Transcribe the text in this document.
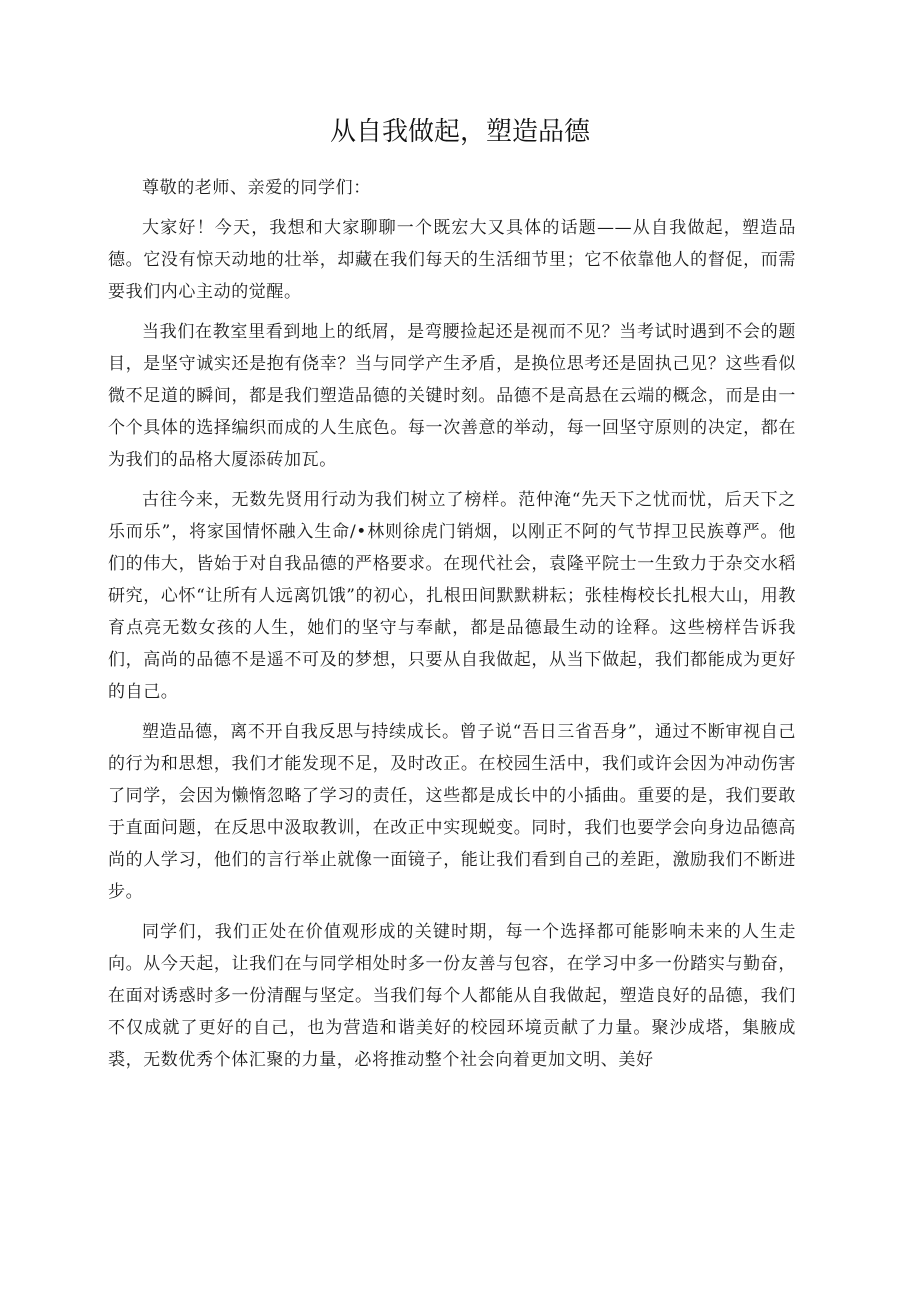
从自我做起，塑造品德

尊敬的老师、亲爱的同学们：

大家好！今天，我想和大家聊聊一个既宏大又具体的话题——从自我做起，塑造品德。它没有惊天动地的壮举，却藏在我们每天的生活细节里；它不依靠他人的督促，而需要我们内心主动的觉醒。

当我们在教室里看到地上的纸屑，是弯腰捡起还是视而不见？当考试时遇到不会的题目，是坚守诚实还是抱有侥幸？当与同学产生矛盾，是换位思考还是固执己见？这些看似微不足道的瞬间，都是我们塑造品德的关键时刻。品德不是高悬在云端的概念，而是由一个个具体的选择编织而成的人生底色。每一次善意的举动，每一回坚守原则的决定，都在为我们的品格大厦添砖加瓦。

古往今来，无数先贤用行动为我们树立了榜样。范仲淹“先天下之忧而忧，后天下之乐而乐”，将家国情怀融入生命/•林则徐虎门销烟，以刚正不阿的气节捍卫民族尊严。他们的伟大，皆始于对自我品德的严格要求。在现代社会，袁隆平院士一生致力于杂交水稻研究，心怀“让所有人远离饥饿”的初心，扎根田间默默耕耘；张桂梅校长扎根大山，用教育点亮无数女孩的人生，她们的坚守与奉献，都是品德最生动的诠释。这些榜样告诉我们，高尚的品德不是遥不可及的梦想，只要从自我做起，从当下做起，我们都能成为更好的自己。

塑造品德，离不开自我反思与持续成长。曾子说“吾日三省吾身”，通过不断审视自己的行为和思想，我们才能发现不足，及时改正。在校园生活中，我们或许会因为冲动伤害了同学，会因为懒惰忽略了学习的责任，这些都是成长中的小插曲。重要的是，我们要敢于直面问题，在反思中汲取教训，在改正中实现蜕变。同时，我们也要学会向身边品德高尚的人学习，他们的言行举止就像一面镜子，能让我们看到自己的差距，激励我们不断进步。

同学们，我们正处在价值观形成的关键时期，每一个选择都可能影响未来的人生走向。从今天起，让我们在与同学相处时多一份友善与包容，在学习中多一份踏实与勤奋，在面对诱惑时多一份清醒与坚定。当我们每个人都能从自我做起，塑造良好的品德，我们不仅成就了更好的自己，也为营造和谐美好的校园环境贡献了力量。聚沙成塔，集腋成裘，无数优秀个体汇聚的力量，必将推动整个社会向着更加文明、美好
